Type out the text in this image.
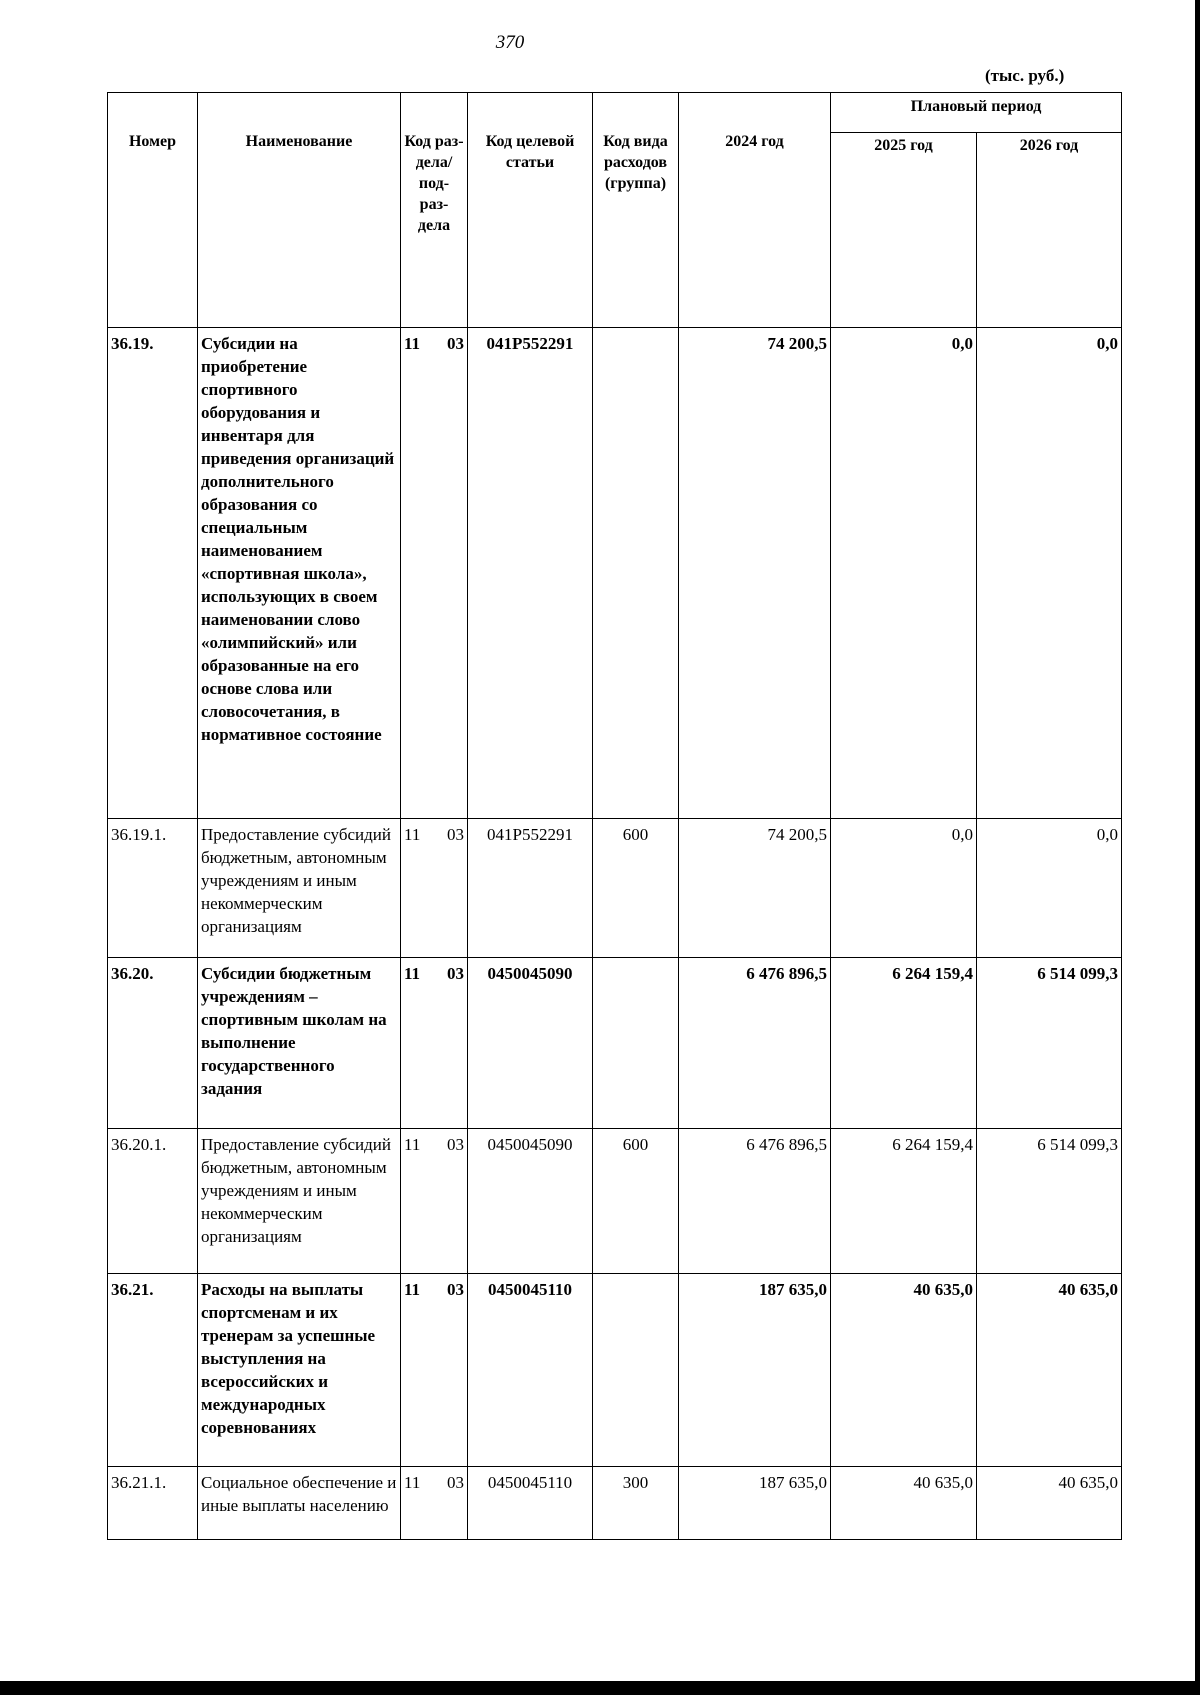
370
(тыс. руб.)
Номер	Наименование	Код раз- дела/ под- раз- дела	Код целевой статьи	Код вида расходов (группа)	2024 год	Плановый период	
						2025 год	2026 год
36.19.	Субсидии на приобретение спортивного оборудования и инвентаря для приведения организаций дополнительного образования со специальным наименованием «спортивная школа», использующих в своем наименовании слово «олимпийский» или образованные на его основе слова или словосочетания, в нормативное состояние	11 03	041Р552291		74 200,5	0,0	0,0
36.19.1.	Предоставление субсидий бюджетным, автономным учреждениям и иным некоммерческим организациям	11 03	041Р552291	600	74 200,5	0,0	0,0
36.20.	Субсидии бюджетным учреждениям – спортивным школам на выполнение государственного задания	11 03	0450045090		6 476 896,5	6 264 159,4	6 514 099,3
36.20.1.	Предоставление субсидий бюджетным, автономным учреждениям и иным некоммерческим организациям	11 03	0450045090	600	6 476 896,5	6 264 159,4	6 514 099,3
36.21.	Расходы на выплаты спортсменам и их тренерам за успешные выступления на всероссийских и международных соревнованиях	11 03	0450045110		187 635,0	40 635,0	40 635,0
36.21.1.	Социальное обеспечение и иные выплаты населению	11 03	0450045110	300	187 635,0	40 635,0	40 635,0
